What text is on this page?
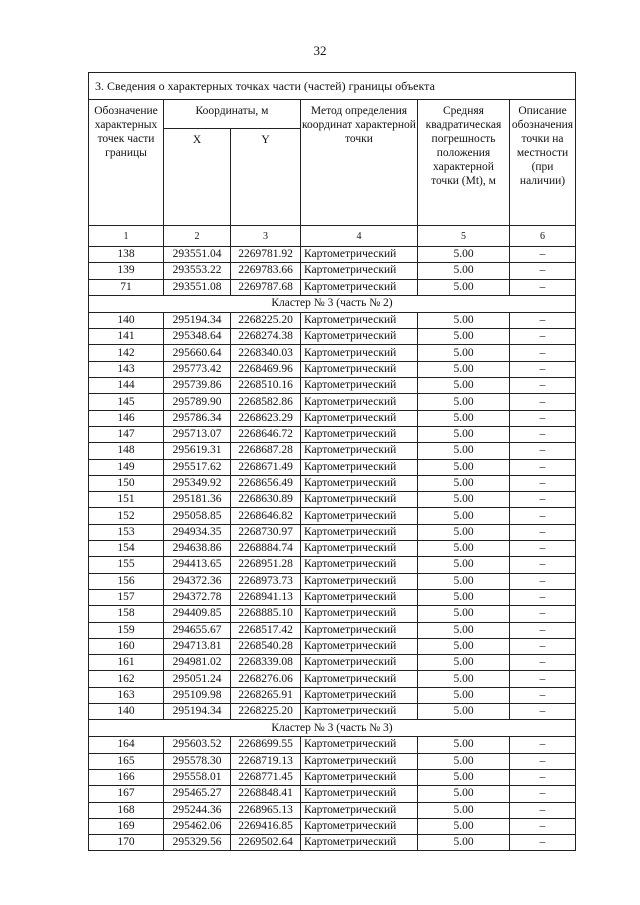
32
3. Сведения о характерных точках части (частей) границы объекта					
Обозначение характерных точек части границы	Координаты, м		Метод определения координат характерной точки	Средняя квадратическая погрешность положения характерной точки (Mt), м	Описание обозначения точки на местности (при наличии)
	X	Y			
1	2	3	4	5	6
138	293551.04	2269781.92	Картометрический	5.00	–
139	293553.22	2269783.66	Картометрический	5.00	–
71	293551.08	2269787.68	Картометрический	5.00	–
Кластер № 3 (часть № 2)					
140	295194.34	2268225.20	Картометрический	5.00	–
141	295348.64	2268274.38	Картометрический	5.00	–
142	295660.64	2268340.03	Картометрический	5.00	–
143	295773.42	2268469.96	Картометрический	5.00	–
144	295739.86	2268510.16	Картометрический	5.00	–
145	295789.90	2268582.86	Картометрический	5.00	–
146	295786.34	2268623.29	Картометрический	5.00	–
147	295713.07	2268646.72	Картометрический	5.00	–
148	295619.31	2268687.28	Картометрический	5.00	–
149	295517.62	2268671.49	Картометрический	5.00	–
150	295349.92	2268656.49	Картометрический	5.00	–
151	295181.36	2268630.89	Картометрический	5.00	–
152	295058.85	2268646.82	Картометрический	5.00	–
153	294934.35	2268730.97	Картометрический	5.00	–
154	294638.86	2268884.74	Картометрический	5.00	–
155	294413.65	2268951.28	Картометрический	5.00	–
156	294372.36	2268973.73	Картометрический	5.00	–
157	294372.78	2268941.13	Картометрический	5.00	–
158	294409.85	2268885.10	Картометрический	5.00	–
159	294655.67	2268517.42	Картометрический	5.00	–
160	294713.81	2268540.28	Картометрический	5.00	–
161	294981.02	2268339.08	Картометрический	5.00	–
162	295051.24	2268276.06	Картометрический	5.00	–
163	295109.98	2268265.91	Картометрический	5.00	–
140	295194.34	2268225.20	Картометрический	5.00	–
Кластер № 3 (часть № 3)					
164	295603.52	2268699.55	Картометрический	5.00	–
165	295578.30	2268719.13	Картометрический	5.00	–
166	295558.01	2268771.45	Картометрический	5.00	–
167	295465.27	2268848.41	Картометрический	5.00	–
168	295244.36	2268965.13	Картометрический	5.00	–
169	295462.06	2269416.85	Картометрический	5.00	–
170	295329.56	2269502.64	Картометрический	5.00	–
